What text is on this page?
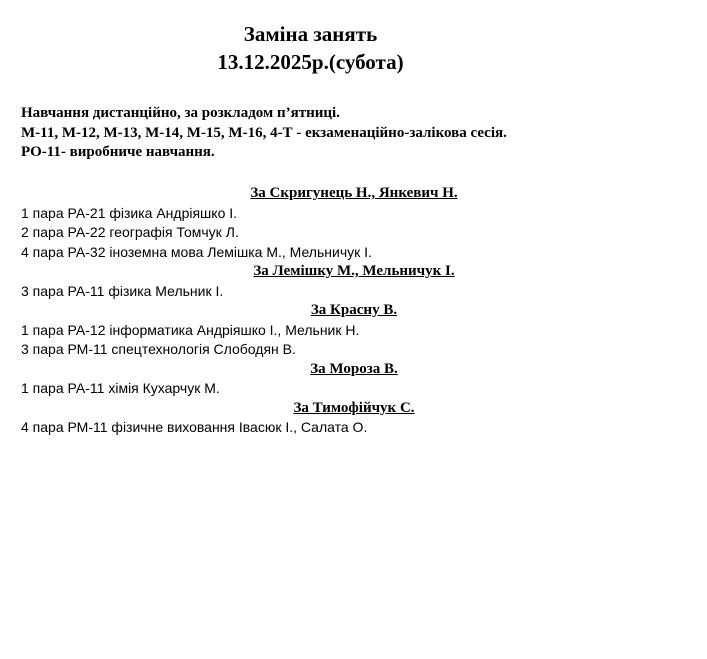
Заміна занять
13.12.2025р.(субота)
Навчання дистанційно, за розкладом п’ятниці.
М-11, М-12, М-13, М-14, М-15, М-16, 4-Т - екзаменаційно-залікова сесія.
РО-11- виробниче навчання.
За Скригунець Н., Янкевич Н.
1 пара РА-21 фізика Андріяшко І.
2 пара РА-22 географія Томчук Л.
4 пара РА-32 іноземна мова Лемішка М., Мельничук І.
За Лемішку М., Мельничук І.
3 пара РА-11 фізика Мельник І.
За Красну В.
1 пара РА-12 інформатика Андріяшко І., Мельник Н.
3 пара РМ-11 спецтехнологія Слободян В.
За Мороза В.
1 пара РА-11 хімія Кухарчук М.
За Тимофійчук С.
4 пара РМ-11 фізичне виховання Івасюк І., Салата О.
